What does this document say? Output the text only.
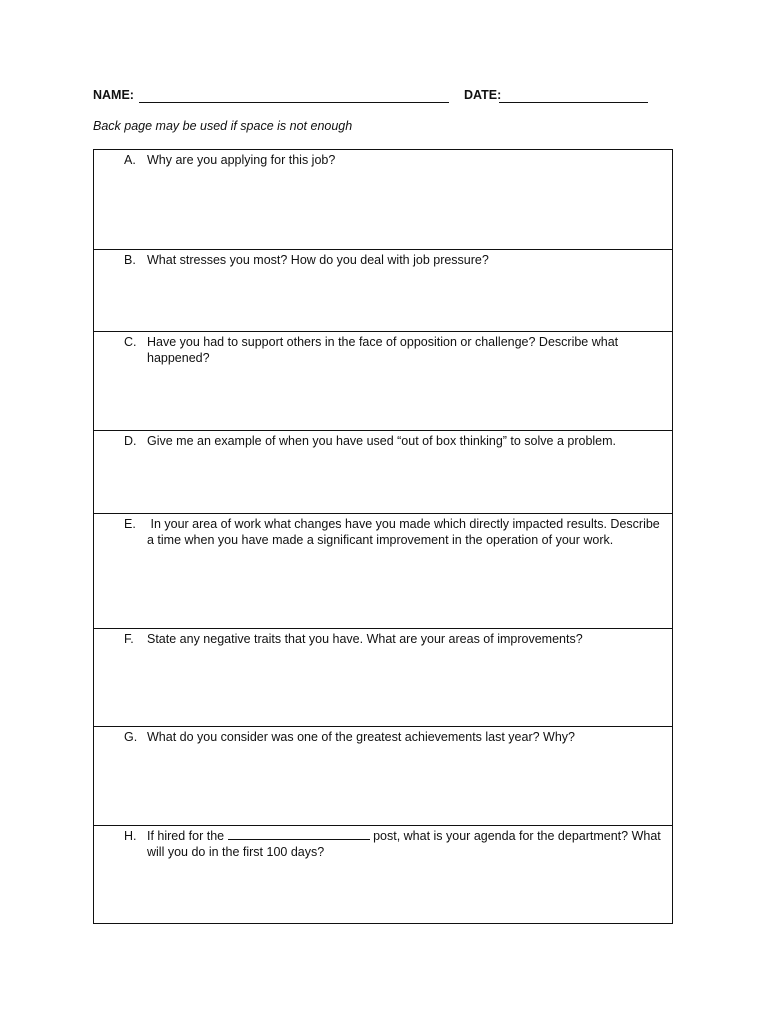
NAME:	DATE:
Back page may be used if space is not enough
A. Why are you applying for this job?
B. What stresses you most? How do you deal with job pressure?
C. Have you had to support others in the face of opposition or challenge? Describe what happened?
D. Give me an example of when you have used “out of box thinking” to solve a problem.
E. In your area of work what changes have you made which directly impacted results. Describe a time when you have made a significant improvement in the operation of your work.
F. State any negative traits that you have. What are your areas of improvements?
G. What do you consider was one of the greatest achievements last year? Why?
H. If hired for the	post, what is your agenda for the department? What will you do in the first 100 days?
